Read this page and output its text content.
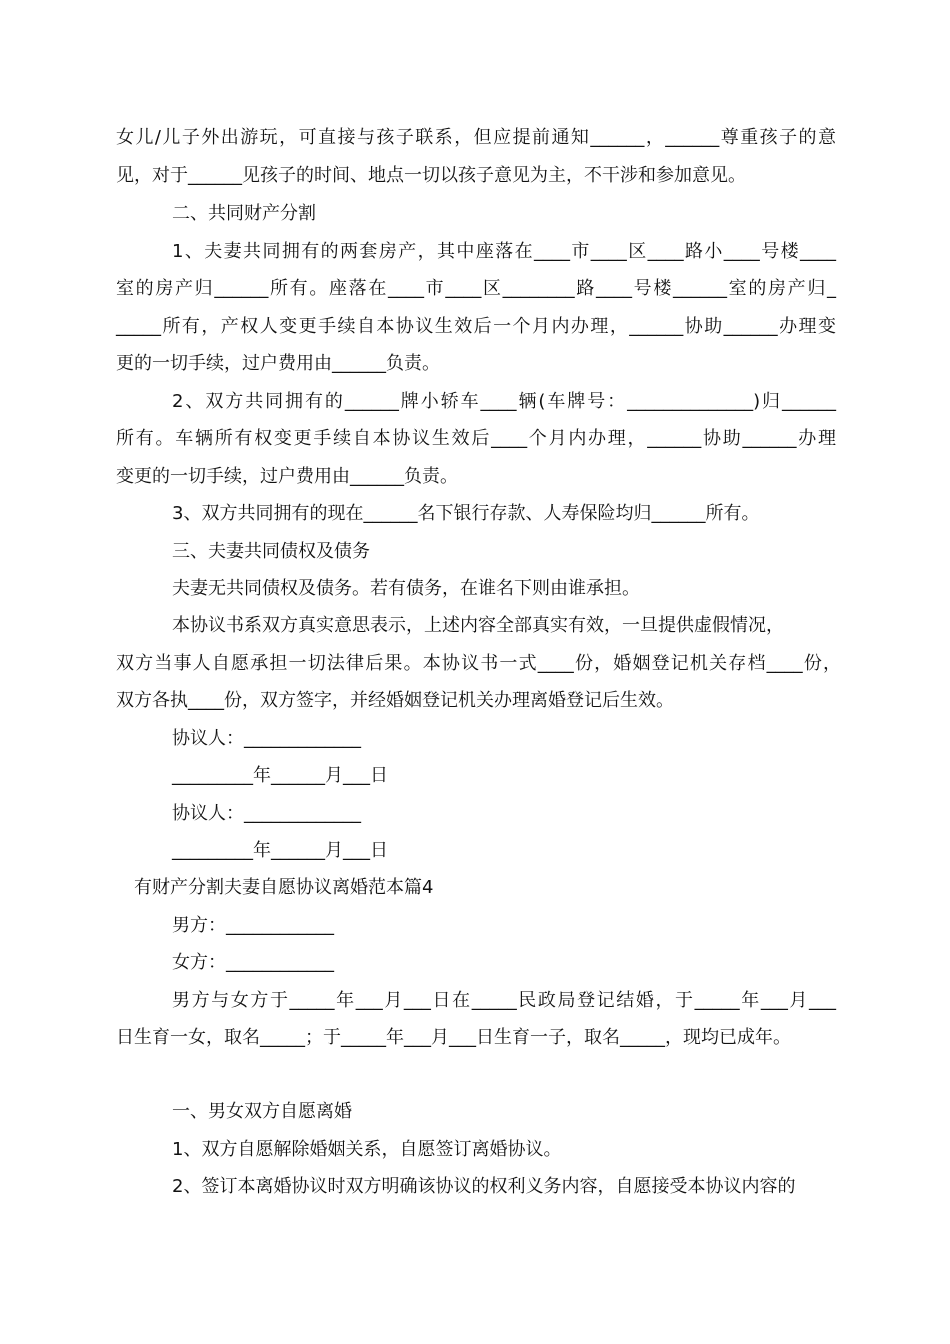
女儿/儿子外出游玩，可直接与孩子联系，但应提前通知______，______尊重孩子的意
见，对于______见孩子的时间、地点一切以孩子意见为主，不干涉和参加意见。
二、共同财产分割
1、夫妻共同拥有的两套房产，其中座落在____市____区____路小____号楼____
室的房产归______所有。座落在____市____区________路____号楼______室的房产归_
_____所有，产权人变更手续自本协议生效后一个月内办理，______协助______办理变
更的一切手续，过户费用由______负责。
2、双方共同拥有的______牌小轿车____辆(车牌号：______________)归______
所有。车辆所有权变更手续自本协议生效后____个月内办理，______协助______办理
变更的一切手续，过户费用由______负责。
3、双方共同拥有的现在______名下银行存款、人寿保险均归______所有。
三、夫妻共同债权及债务
夫妻无共同债权及债务。若有债务，在谁名下则由谁承担。
本协议书系双方真实意思表示，上述内容全部真实有效，一旦提供虚假情况，
双方当事人自愿承担一切法律后果。本协议书一式____份，婚姻登记机关存档____份，
双方各执____份，双方签字，并经婚姻登记机关办理离婚登记后生效。
协议人：_____________
_________年______月___日
协议人：_____________
_________年______月___日
有财产分割夫妻自愿协议离婚范本篇4
男方：____________
女方：____________
男方与女方于_____年___月___日在_____民政局登记结婚，于_____年___月___
日生育一女，取名_____；于_____年___月___日生育一子，取名_____，现均已成年。
一、男女双方自愿离婚
1、双方自愿解除婚姻关系，自愿签订离婚协议。
2、签订本离婚协议时双方明确该协议的权利义务内容，自愿接受本协议内容的
